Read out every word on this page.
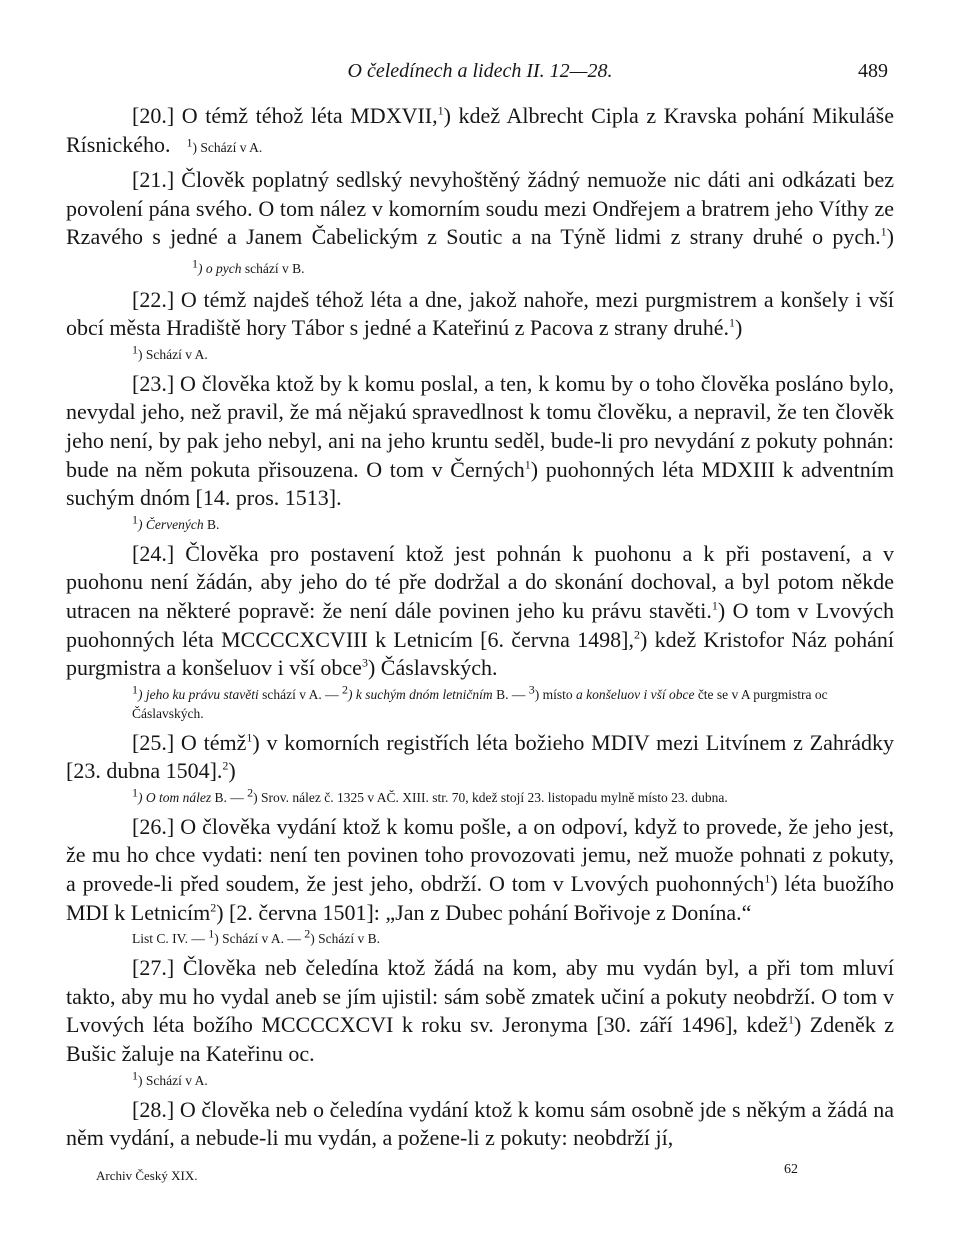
O čeledínech a lidech II. 12—28.	489

[20.] O témž téhož léta MDXVII,$^1$) kdež Albrecht Cipla z Kravska pohání Mikuláše Rísnického. $^1$) Schází v A.

[21.] Člověk poplatný sedlský nevyhoštěný žádný nemuože nic dáti ani odkázati bez povolení pána svého. O tom nález v komorním soudu mezi Ondřejem a bratrem jeho Víthy ze Rzavého s jedné a Janem Čabelickým z Soutic a na Týně lidmi z strany druhé o pych.$^1$)$^1$) o pych schází v B.

[22.] O témž najdeš téhož léta a dne, jakož nahoře, mezi purgmistrem a konšely i vší obcí města Hradiště hory Tábor s jedné a Kateřinú z Pacova z strany druhé.$^1$)

$^1$) Schází v A.

[23.] O člověka ktož by k komu poslal, a ten, k komu by o toho člověka posláno bylo, nevydal jeho, než pravil, že má nějakú spravedlnost k tomu člověku, a nepravil, že ten člověk jeho není, by pak jeho nebyl, ani na jeho kruntu seděl, bude-li pro nevydání z pokuty pohnán: bude na něm pokuta přisouzena. O tom v Černých$^1$) puohonných léta MDXIII k adventním suchým dnóm [14. pros. 1513].

$^1$) Červených B.

[24.] Člověka pro postavení ktož jest pohnán k puohonu a k při postavení, a v puohonu není žádán, aby jeho do té pře dodržal a do skonání dochoval, a byl potom někde utracen na některé popravě: že není dále povinen jeho ku právu stavěti.$^1$) O tom v Lvových puohonných léta MCCCCXCVIII k Letnicím [6. června 1498],$^2$) kdež Kristofor Náz pohání purgmistra a konšeluov i vší obce$^3$) Čáslavských.

$^1$) jeho ku právu stavěti schází v A. — $^2$) k suchým dnóm letničním B. — $^3$) místo a konšeluov i vší obce čte se v A purgmistra oc Čáslavských.

[25.] O témž$^1$) v komorních registřích léta božieho MDIV mezi Litvínem z Zahrádky [23. dubna 1504].$^2$)

$^1$) O tom nález B. — $^2$) Srov. nález č. 1325 v AČ. XIII. str. 70, kdež stojí 23. listopadu mylně místo 23. dubna.

[26.] O člověka vydání ktož k komu pošle, a on odpoví, když to provede, že jeho jest, že mu ho chce vydati: není ten povinen toho provozovati jemu, než muože pohnati z pokuty, a provede-li před soudem, že jest jeho, obdrží. O tom v Lvových puohonných$^1$) léta buožího MDI k Letnicím$^2$) [2. června 1501]: „Jan z Dubec pohání Bořivoje z Donína.“

List C. IV. — $^1$) Schází v A. — $^2$) Schází v B.

[27.] Člověka neb čeledína ktož žádá na kom, aby mu vydán byl, a při tom mluví takto, aby mu ho vydal aneb se jím ujistil: sám sobě zmatek učiní a pokuty neobdrží. O tom v Lvových léta božího MCCCCXCVI k roku sv. Jeronyma [30. září 1496], kdež$^1$) Zdeněk z Bušic žaluje na Kateřinu oc.

$^1$) Schází v A.

[28.] O člověka neb o čeledína vydání ktož k komu sám osobně jde s někým a žádá na něm vydání, a nebude-li mu vydán, a požene-li z pokuty: neobdrží jí,

Archiv Český XIX.	62
